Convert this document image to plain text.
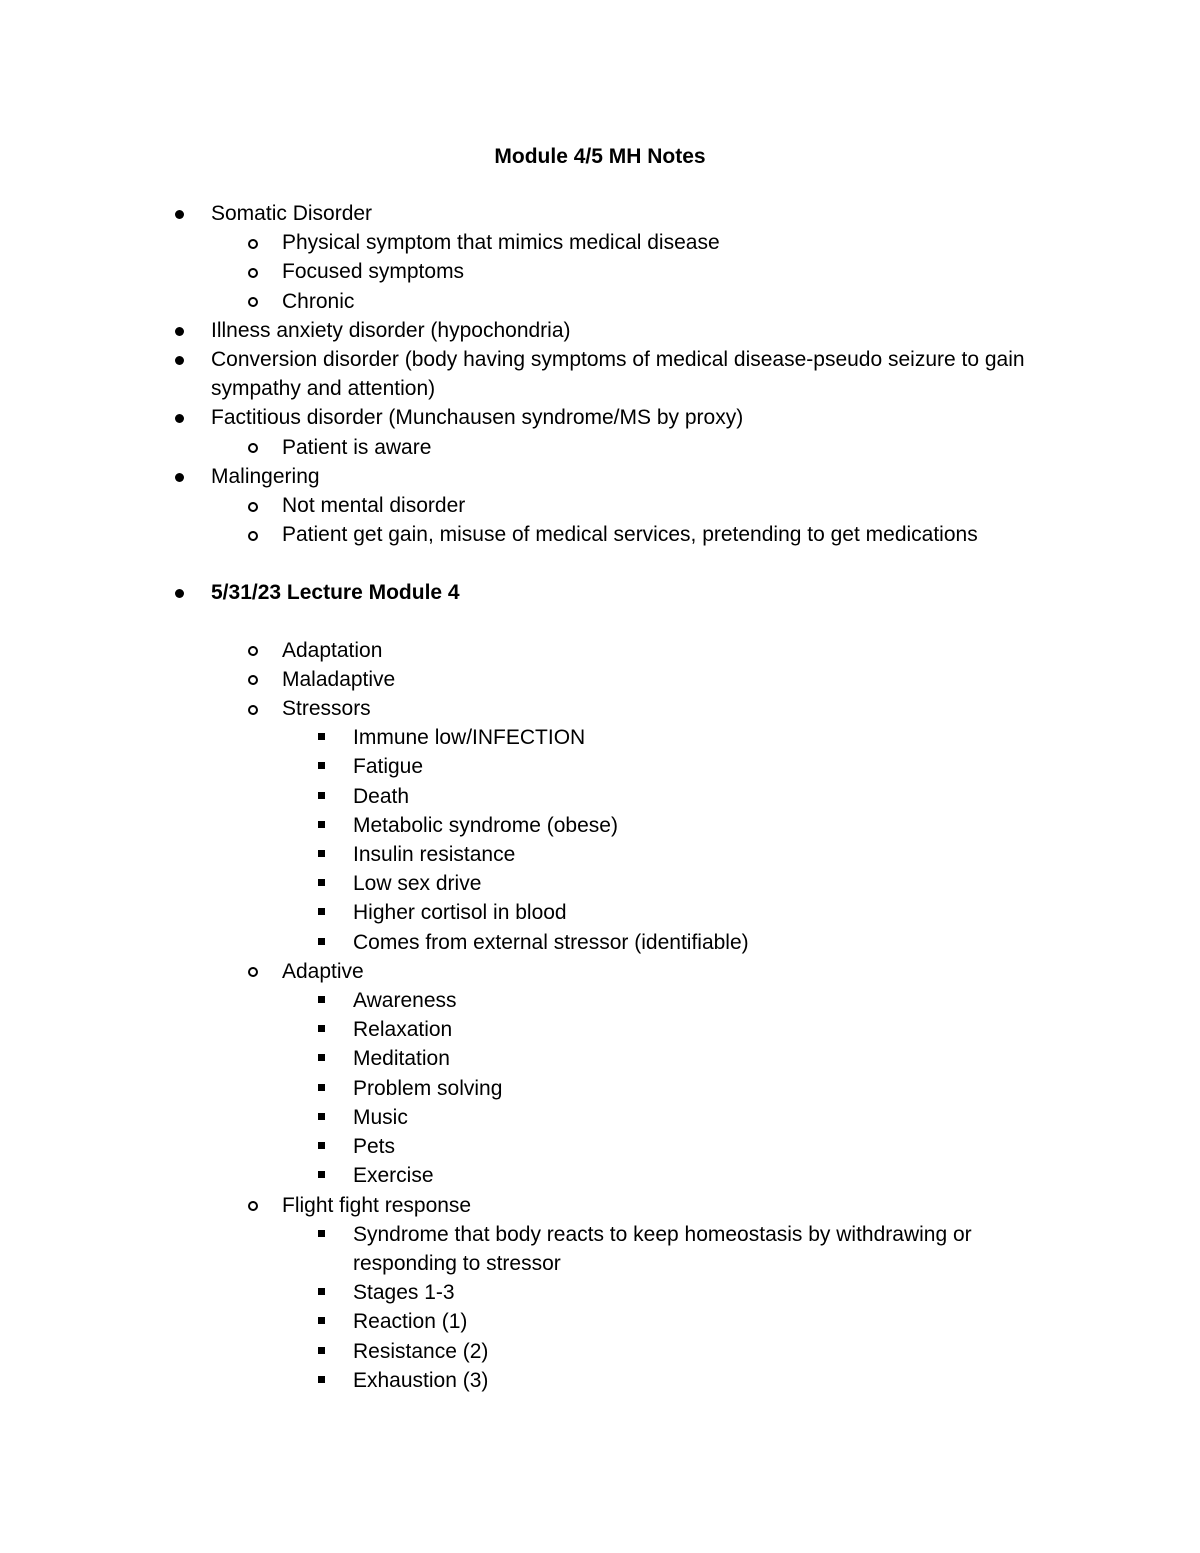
Module 4/5 MH Notes
Somatic Disorder
Physical symptom that mimics medical disease
Focused symptoms
Chronic
Illness anxiety disorder (hypochondria)
Conversion disorder (body having symptoms of medical disease-pseudo seizure to gain sympathy and attention)
Factitious disorder (Munchausen syndrome/MS by proxy)
Patient is aware
Malingering
Not mental disorder
Patient get gain, misuse of medical services, pretending to get medications
5/31/23 Lecture Module 4
Adaptation
Maladaptive
Stressors
Immune low/INFECTION
Fatigue
Death
Metabolic syndrome (obese)
Insulin resistance
Low sex drive
Higher cortisol in blood
Comes from external stressor (identifiable)
Adaptive
Awareness
Relaxation
Meditation
Problem solving
Music
Pets
Exercise
Flight fight response
Syndrome that body reacts to keep homeostasis by withdrawing or responding to stressor
Stages 1-3
Reaction (1)
Resistance (2)
Exhaustion (3)
